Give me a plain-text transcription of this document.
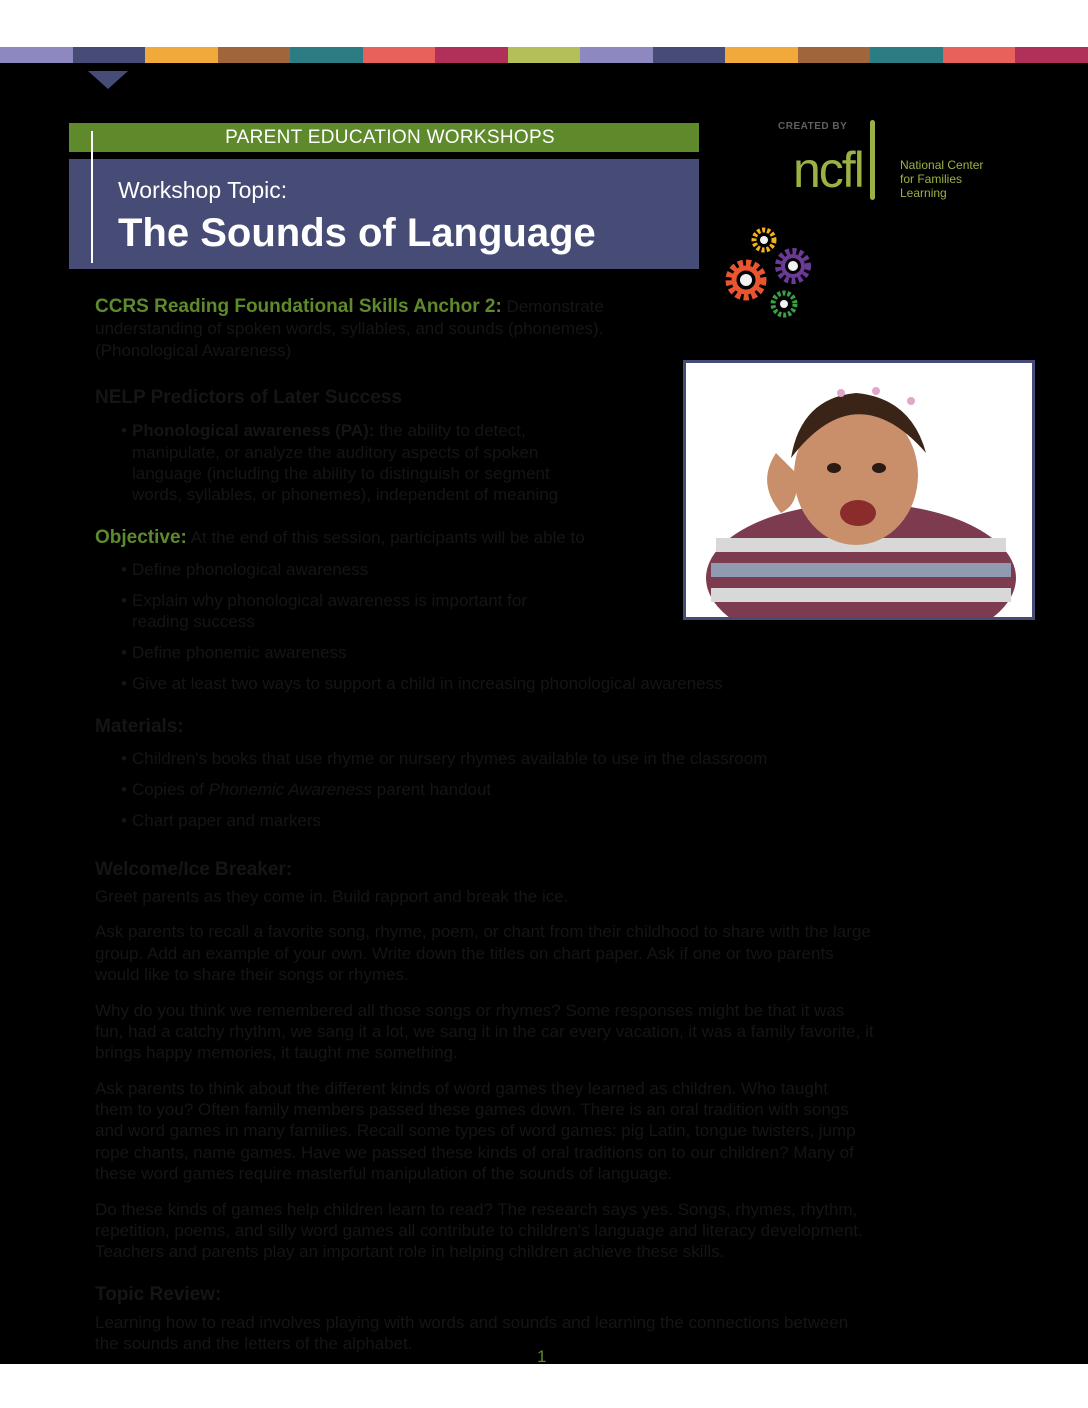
PARENT EDUCATION WORKSHOPS
Workshop Topic:
The Sounds of Language
CREATED BY
ncfl	National Center for Families Learning
CCRS Reading Foundational Skills Anchor 2: Demonstrate
understanding of spoken words, syllables, and sounds (phonemes).
(Phonological Awareness)
NELP Predictors of Later Success
• Phonological awareness (PA): the ability to detect,
manipulate, or analyze the auditory aspects of spoken
language (including the ability to distinguish or segment
words, syllables, or phonemes), independent of meaning
Objective: At the end of this session, participants will be able to
• Define phonological awareness
• Explain why phonological awareness is important for
reading success
• Define phonemic awareness
• Give at least two ways to support a child in increasing phonological awareness
Materials:
• Children's books that use rhyme or nursery rhymes available to use in the classroom
• Copies of Phonemic Awareness parent handout
• Chart paper and markers
Welcome/Ice Breaker:
Greet parents as they come in. Build rapport and break the ice.
Ask parents to recall a favorite song, rhyme, poem, or chant from their childhood to share with the large
group. Add an example of your own. Write down the titles on chart paper. Ask if one or two parents
would like to share their songs or rhymes.
Why do you think we remembered all those songs or rhymes? Some responses might be that it was
fun, had a catchy rhythm, we sang it a lot, we sang it in the car every vacation, it was a family favorite, it
brings happy memories, it taught me something.
Ask parents to think about the different kinds of word games they learned as children. Who taught
them to you? Often family members passed these games down. There is an oral tradition with songs
and word games in many families. Recall some types of word games: pig Latin, tongue twisters, jump
rope chants, name games. Have we passed these kinds of oral traditions on to our children? Many of
these word games require masterful manipulation of the sounds of language.
Do these kinds of games help children learn to read? The research says yes. Songs, rhymes, rhythm,
repetition, poems, and silly word games all contribute to children's language and literacy development.
Teachers and parents play an important role in helping children achieve these skills.
Topic Review:
Learning how to read involves playing with words and sounds and learning the connections between
the sounds and the letters of the alphabet.
1
